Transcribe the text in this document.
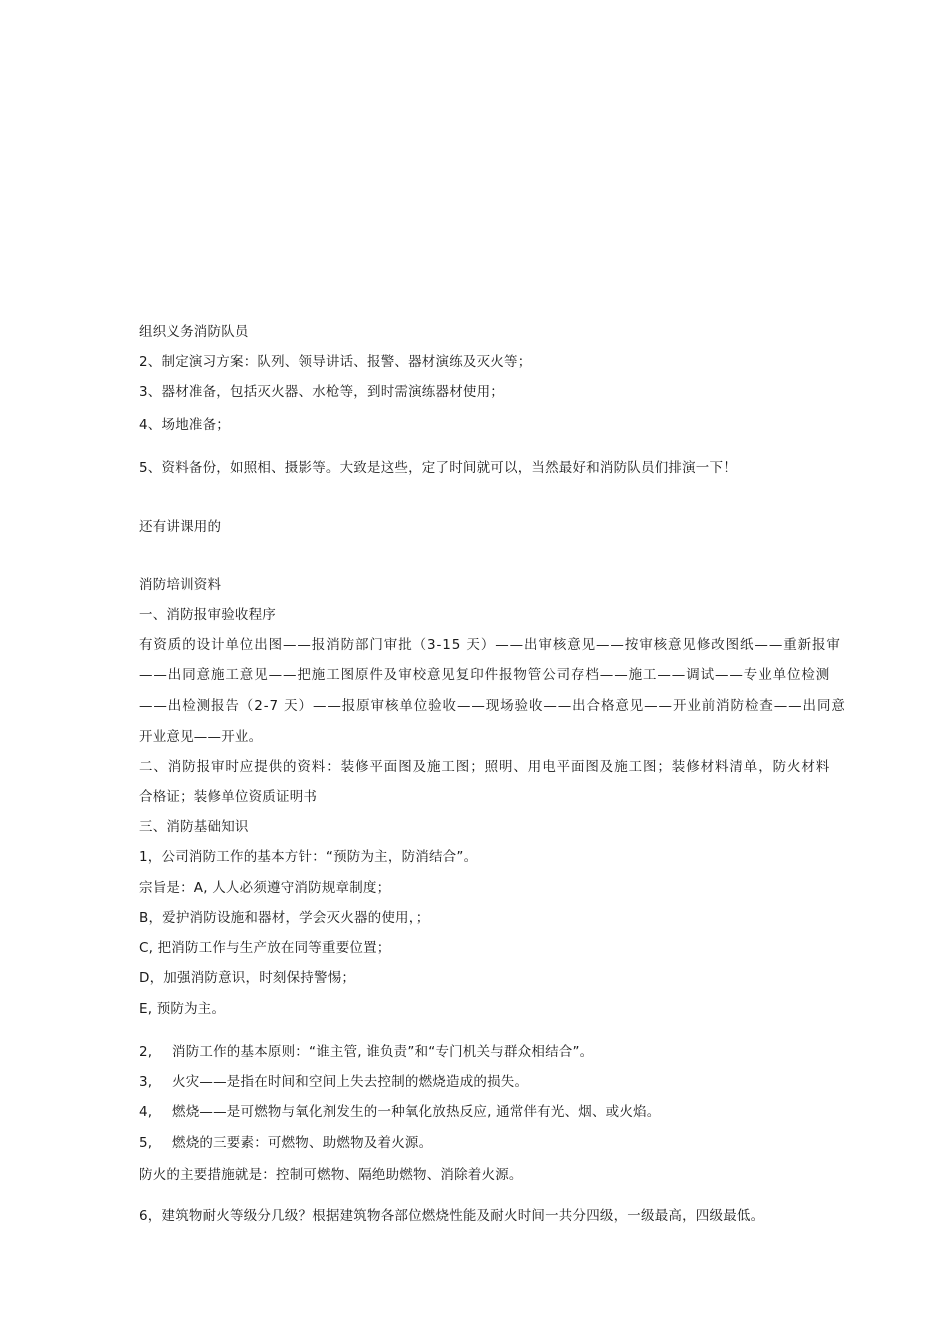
组织义务消防队员
2、制定演习方案：队列、领导讲话、报警、器材演练及灭火等；
3、器材准备，包括灭火器、水枪等，到时需演练器材使用；
4、场地准备；
5、资料备份，如照相、摄影等。大致是这些，定了时间就可以，当然最好和消防队员们排演一下！
还有讲课用的
消防培训资料
一、消防报审验收程序
有资质的设计单位出图——报消防部门审批（3-15 天）——出审核意见——按审核意见修改图纸——重新报审
——出同意施工意见——把施工图原件及审校意见复印件报物管公司存档——施工——调试——专业单位检测
——出检测报告（2-7 天）——报原审核单位验收——现场验收——出合格意见——开业前消防检查——出同意
开业意见——开业。
二、消防报审时应提供的资料：装修平面图及施工图；照明、用电平面图及施工图；装修材料清单，防火材料
合格证；装修单位资质证明书
三、消防基础知识
1，公司消防工作的基本方针：“预防为主，防消结合”。
宗旨是：A, 人人必须遵守消防规章制度；
B，爱护消防设施和器材，学会灭火器的使用，；
C, 把消防工作与生产放在同等重要位置；
D，加强消防意识，时刻保持警惕；
E, 预防为主。
2, 消防工作的基本原则：“谁主管, 谁负责”和“专门机关与群众相结合”。
3, 火灾——是指在时间和空间上失去控制的燃烧造成的损失。
4, 燃烧——是可燃物与氧化剂发生的一种氧化放热反应, 通常伴有光、烟、或火焰。
5, 燃烧的三要素：可燃物、助燃物及着火源。
防火的主要措施就是：控制可燃物、隔绝助燃物、消除着火源。
6，建筑物耐火等级分几级？根据建筑物各部位燃烧性能及耐火时间一共分四级，一级最高，四级最低。
